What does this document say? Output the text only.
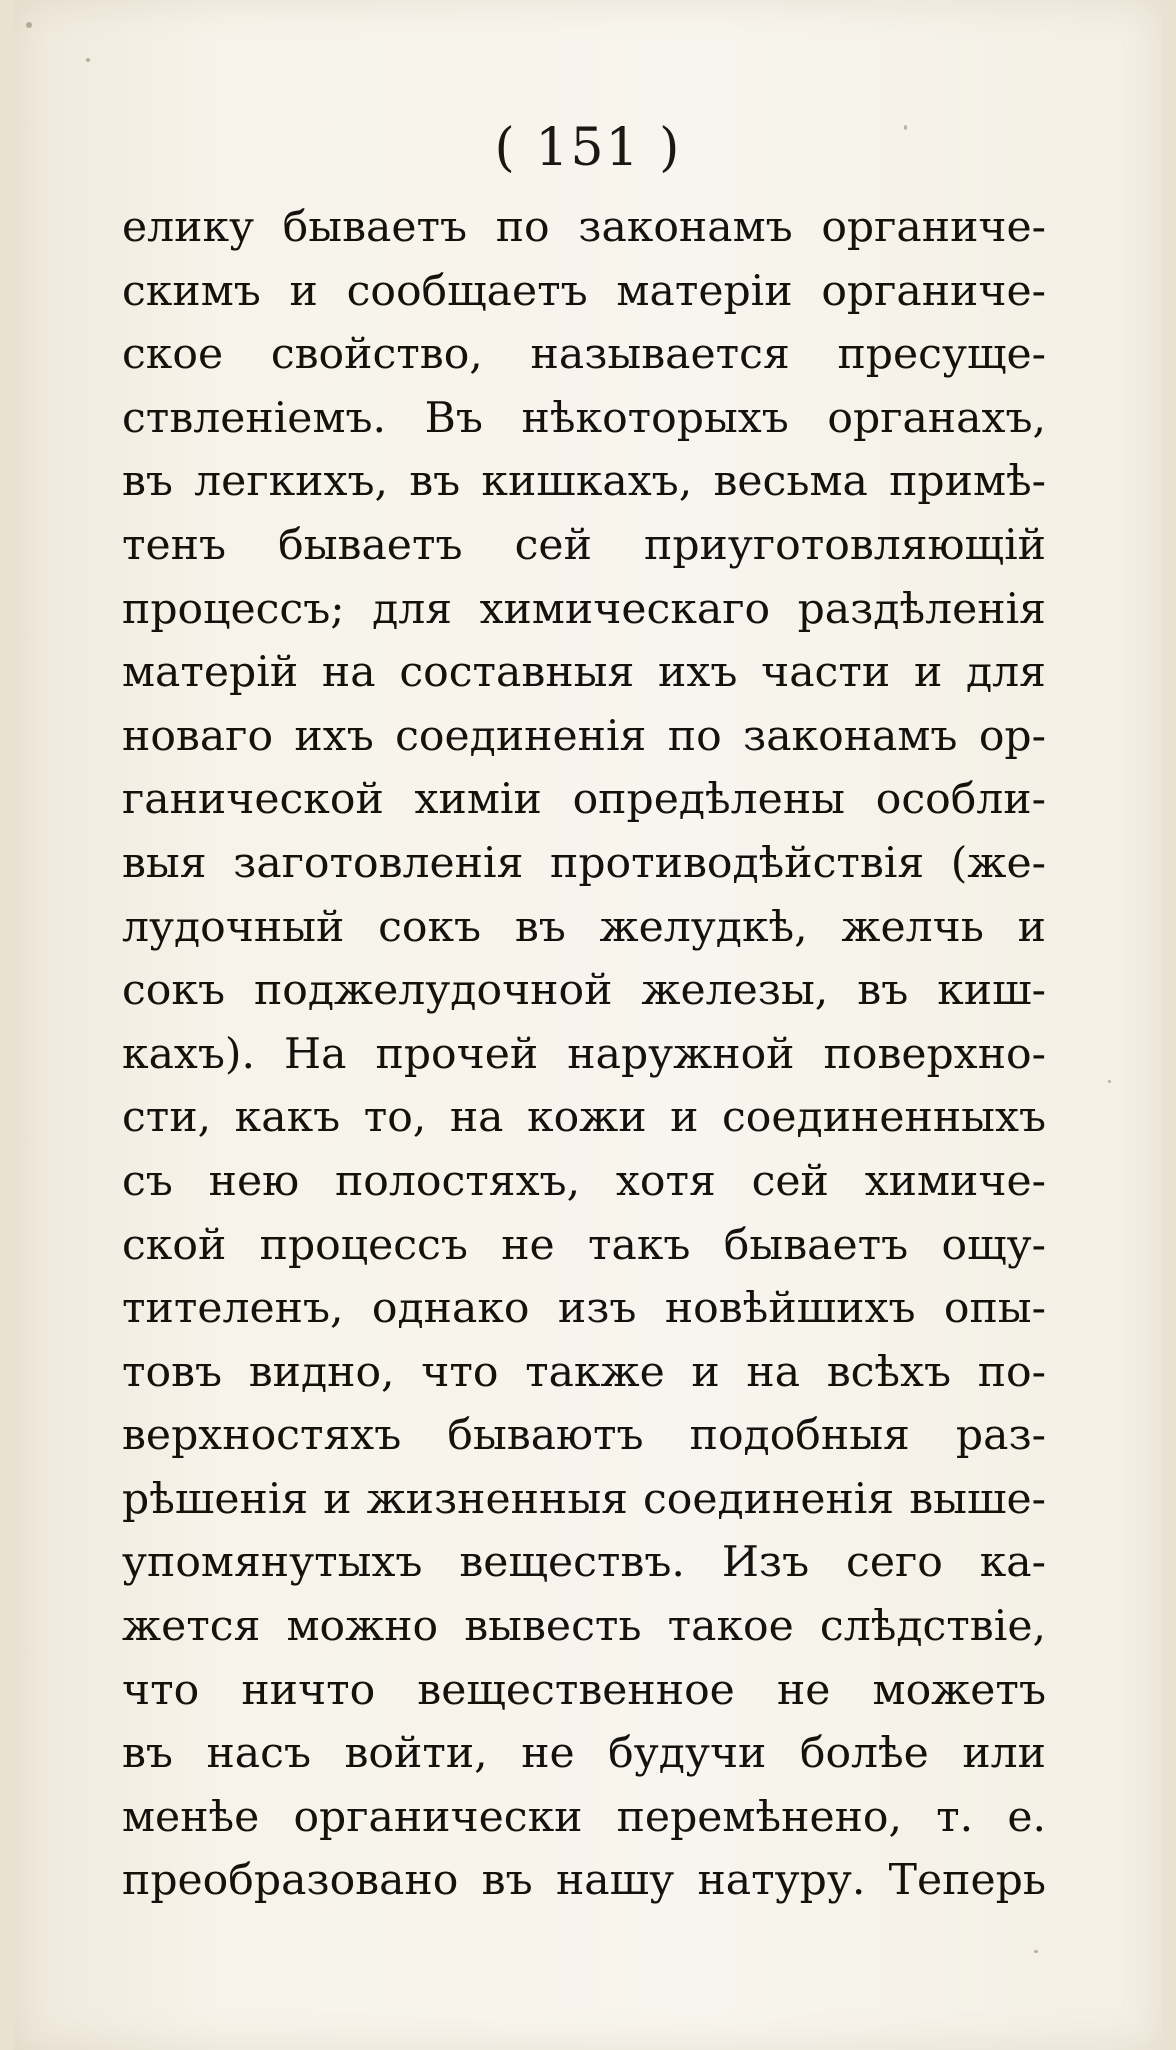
( 151 )
елику бываетъ по законамъ органиче-
скимъ и сообщаетъ матеріи органиче-
ское свойство, называется пресуще-
ствленіемъ. Въ нѣкоторыхъ органахъ,
въ легкихъ, въ кишкахъ, весьма примѣ-
тенъ бываетъ сей приуготовляющій
процессъ; для химическаго раздѣленія
матерій на составныя ихъ части и для
новаго ихъ соединенія по законамъ ор-
ганической химіи опредѣлены особли-
выя заготовленія противодѣйствія (же-
лудочный сокъ въ желудкѣ, желчь и
сокъ поджелудочной железы, въ киш-
кахъ). На прочей наружной поверхно-
сти, какъ то, на кожи и соединенныхъ
съ нею полостяхъ, хотя сей химиче-
ской процессъ не такъ бываетъ ощу-
тителенъ, однако изъ новѣйшихъ опы-
товъ видно, что также и на всѣхъ по-
верхностяхъ бываютъ подобныя раз-
рѣшенія и жизненныя соединенія выше-
упомянутыхъ веществъ. Изъ сего ка-
жется можно вывесть такое слѣдствіе,
что ничто вещественное не можетъ
въ насъ войти, не будучи болѣе или
менѣе органически перемѣнено, т. е.
преобразовано въ нашу натуру. Теперь
